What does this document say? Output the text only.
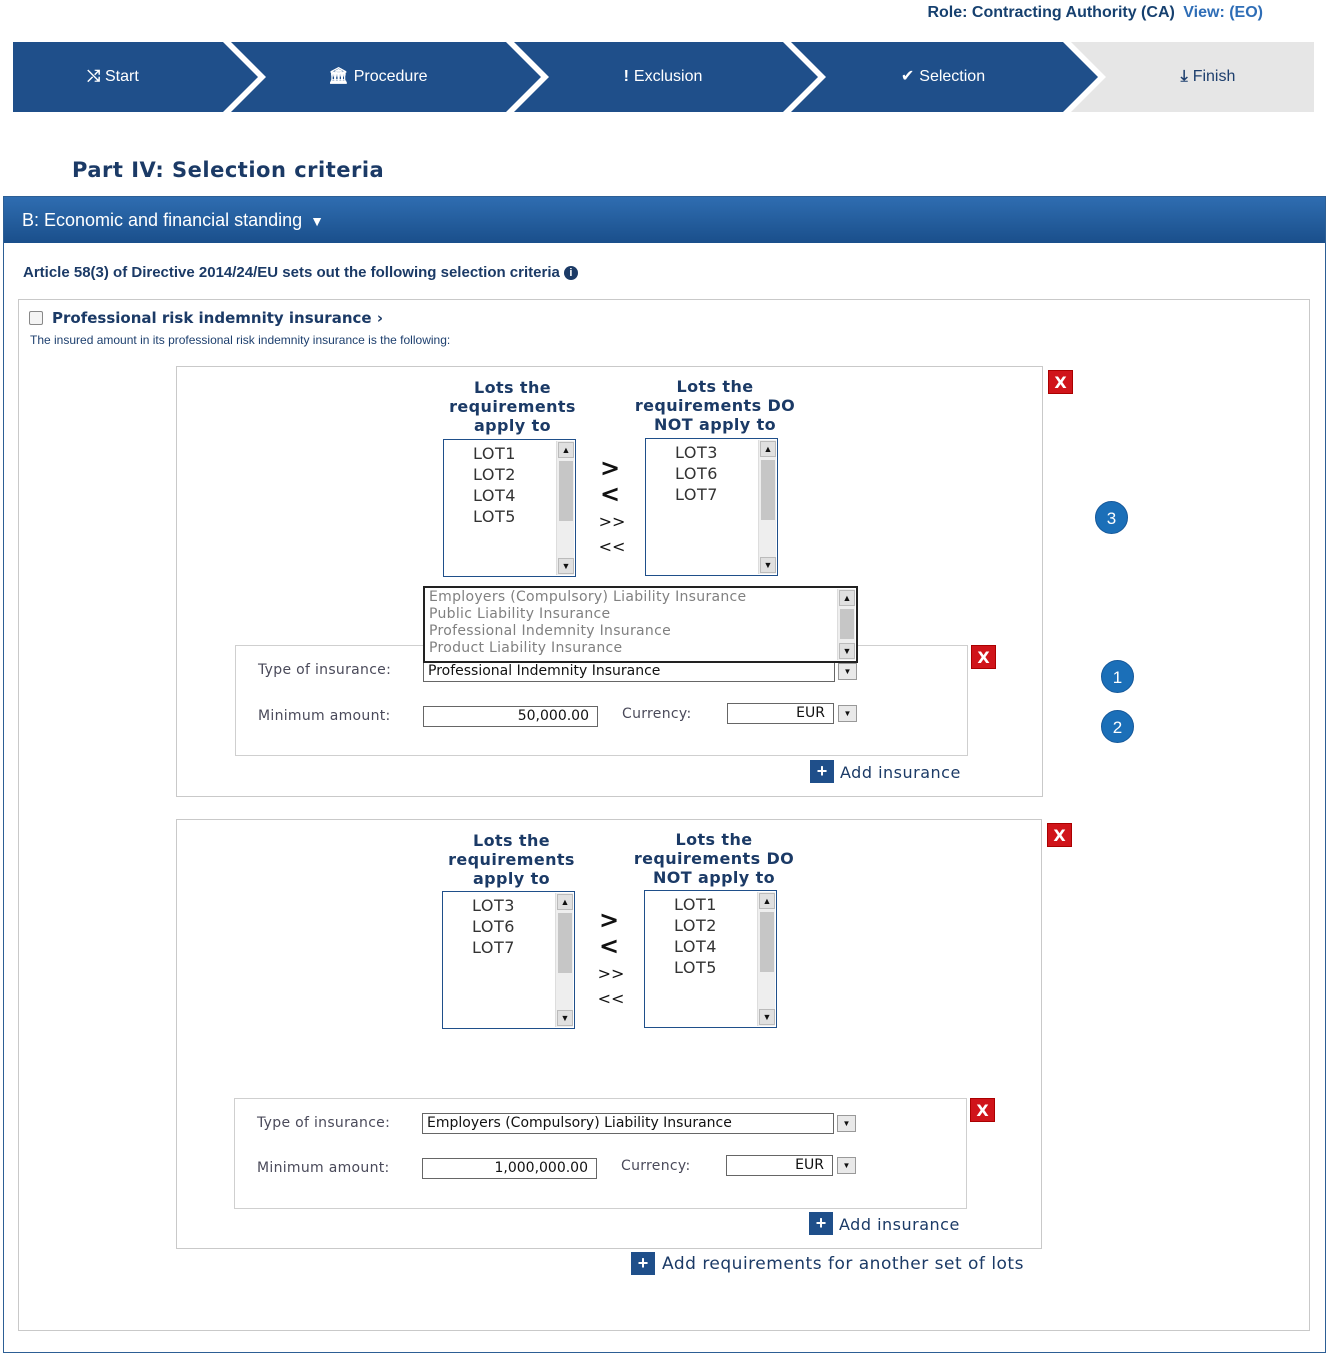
Role: Contracting Authority (CA) View: (EO)
⤭ Start	🏛 Procedure	! Exclusion	✔ Selection	⤓ Finish
Part IV: Selection criteria
B: Economic and financial standing ▼
Article 58(3) of Directive 2014/24/EU sets out the following selection criteria i
Professional risk indemnity insurance ›
The insured amount in its professional risk indemnity insurance is the following:
X
Lots the requirements apply to
Lots the requirements DO NOT apply to
LOT1
LOT2
LOT4
LOT5
▲
▼
>
<
>>
<<
LOT3
LOT6
LOT7
▲
▼
X
Type of insurance:	Professional Indemnity Insurance	▼
Minimum amount:	50,000.00	Currency:	EUR	▼
Employers (Compulsory) Liability Insurance
Public Liability Insurance
Professional Indemnity Insurance
Product Liability Insurance
▲
▼
+ Add insurance
X
Lots the requirements apply to
Lots the requirements DO NOT apply to
LOT3
LOT6
LOT7
▲
▼
>
<
>>
<<
LOT1
LOT2
LOT4
LOT5
▲
▼
X
Type of insurance:	Employers (Compulsory) Liability Insurance	▼
Minimum amount:	1,000,000.00	Currency:	EUR	▼
+ Add insurance
+ Add requirements for another set of lots
1
2
3
